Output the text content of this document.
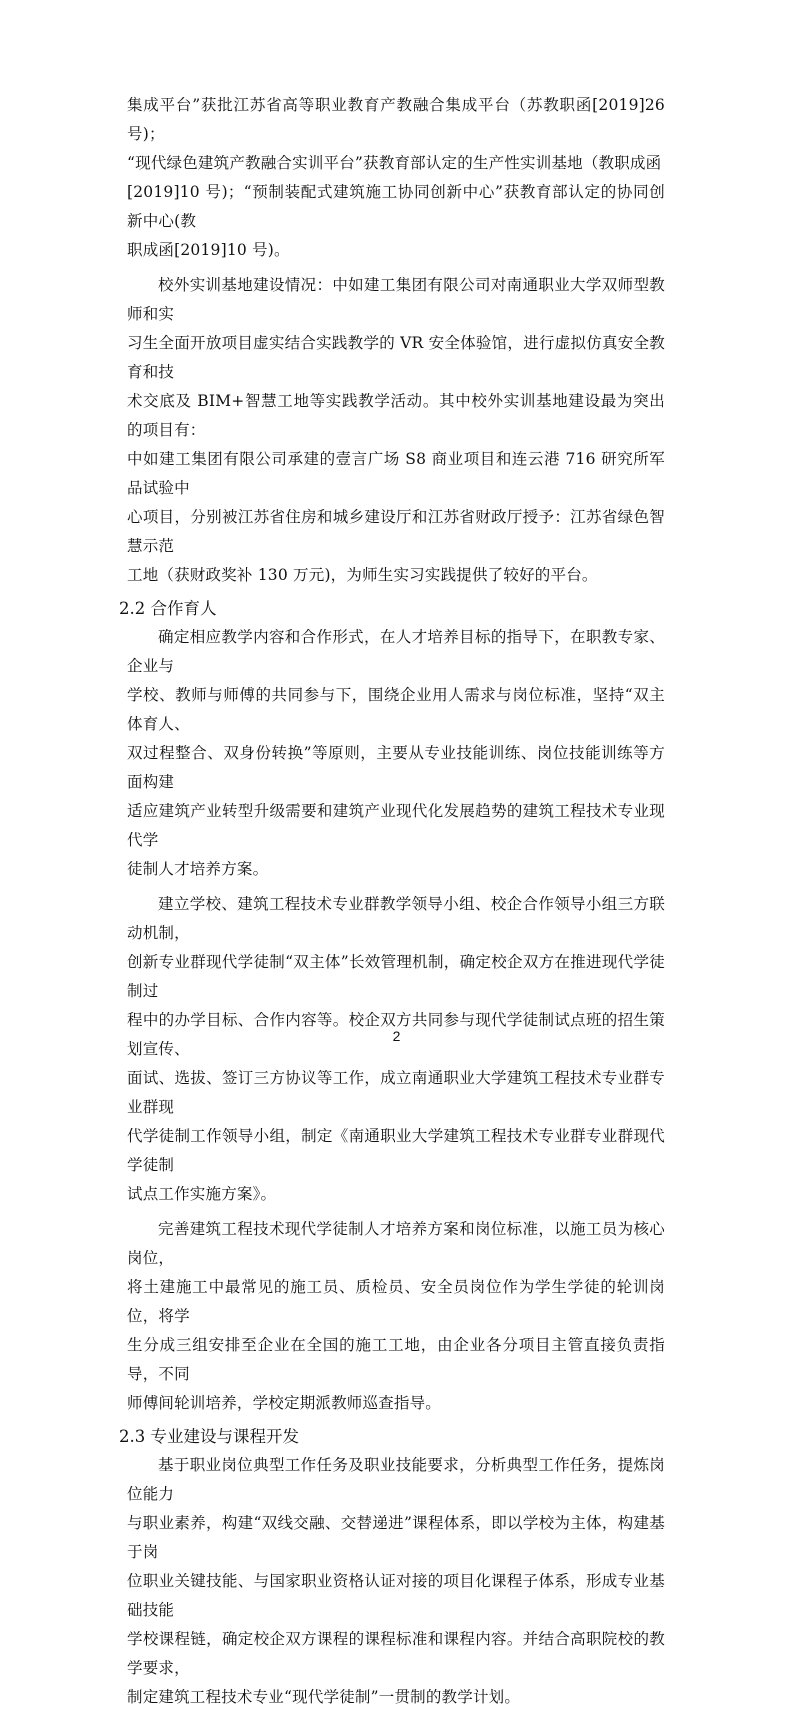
集成平台”获批江苏省高等职业教育产教融合集成平台（苏教职函[2019]26 号)；
“现代绿色建筑产教融合实训平台”获教育部认定的生产性实训基地（教职成函
[2019]10 号)；“预制装配式建筑施工协同创新中心”获教育部认定的协同创新中心(教
职成函[2019]10 号)。

校外实训基地建设情况：中如建工集团有限公司对南通职业大学双师型教师和实
习生全面开放项目虚实结合实践教学的 VR 安全体验馆，进行虚拟仿真安全教育和技
术交底及 BIM+智慧工地等实践教学活动。其中校外实训基地建设最为突出的项目有：
中如建工集团有限公司承建的壹言广场 S8 商业项目和连云港 716 研究所军品试验中
心项目，分别被江苏省住房和城乡建设厅和江苏省财政厅授予：江苏省绿色智慧示范
工地（获财政奖补 130 万元)，为师生实习实践提供了较好的平台。

2.2 合作育人

确定相应教学内容和合作形式，在人才培养目标的指导下，在职教专家、企业与
学校、教师与师傅的共同参与下，围绕企业用人需求与岗位标准，坚持“双主体育人、
双过程整合、双身份转换”等原则，主要从专业技能训练、岗位技能训练等方面构建
适应建筑产业转型升级需要和建筑产业现代化发展趋势的建筑工程技术专业现代学
徒制人才培养方案。

建立学校、建筑工程技术专业群教学领导小组、校企合作领导小组三方联动机制，
创新专业群现代学徒制“双主体”长效管理机制，确定校企双方在推进现代学徒制过
程中的办学目标、合作内容等。校企双方共同参与现代学徒制试点班的招生策划宣传、
面试、选拔、签订三方协议等工作，成立南通职业大学建筑工程技术专业群专业群现
代学徒制工作领导小组，制定《南通职业大学建筑工程技术专业群专业群现代学徒制
试点工作实施方案》。

完善建筑工程技术现代学徒制人才培养方案和岗位标准，以施工员为核心岗位，
将土建施工中最常见的施工员、质检员、安全员岗位作为学生学徒的轮训岗位，将学
生分成三组安排至企业在全国的施工工地，由企业各分项目主管直接负责指导，不同
师傅间轮训培养，学校定期派教师巡查指导。

2.3 专业建设与课程开发

基于职业岗位典型工作任务及职业技能要求，分析典型工作任务，提炼岗位能力
与职业素养，构建“双线交融、交替递进”课程体系，即以学校为主体，构建基于岗
位职业关键技能、与国家职业资格认证对接的项目化课程子体系，形成专业基础技能
学校课程链，确定校企双方课程的课程标准和课程内容。并结合高职院校的教学要求，
制定建筑工程技术专业“现代学徒制”一贯制的教学计划。

2
